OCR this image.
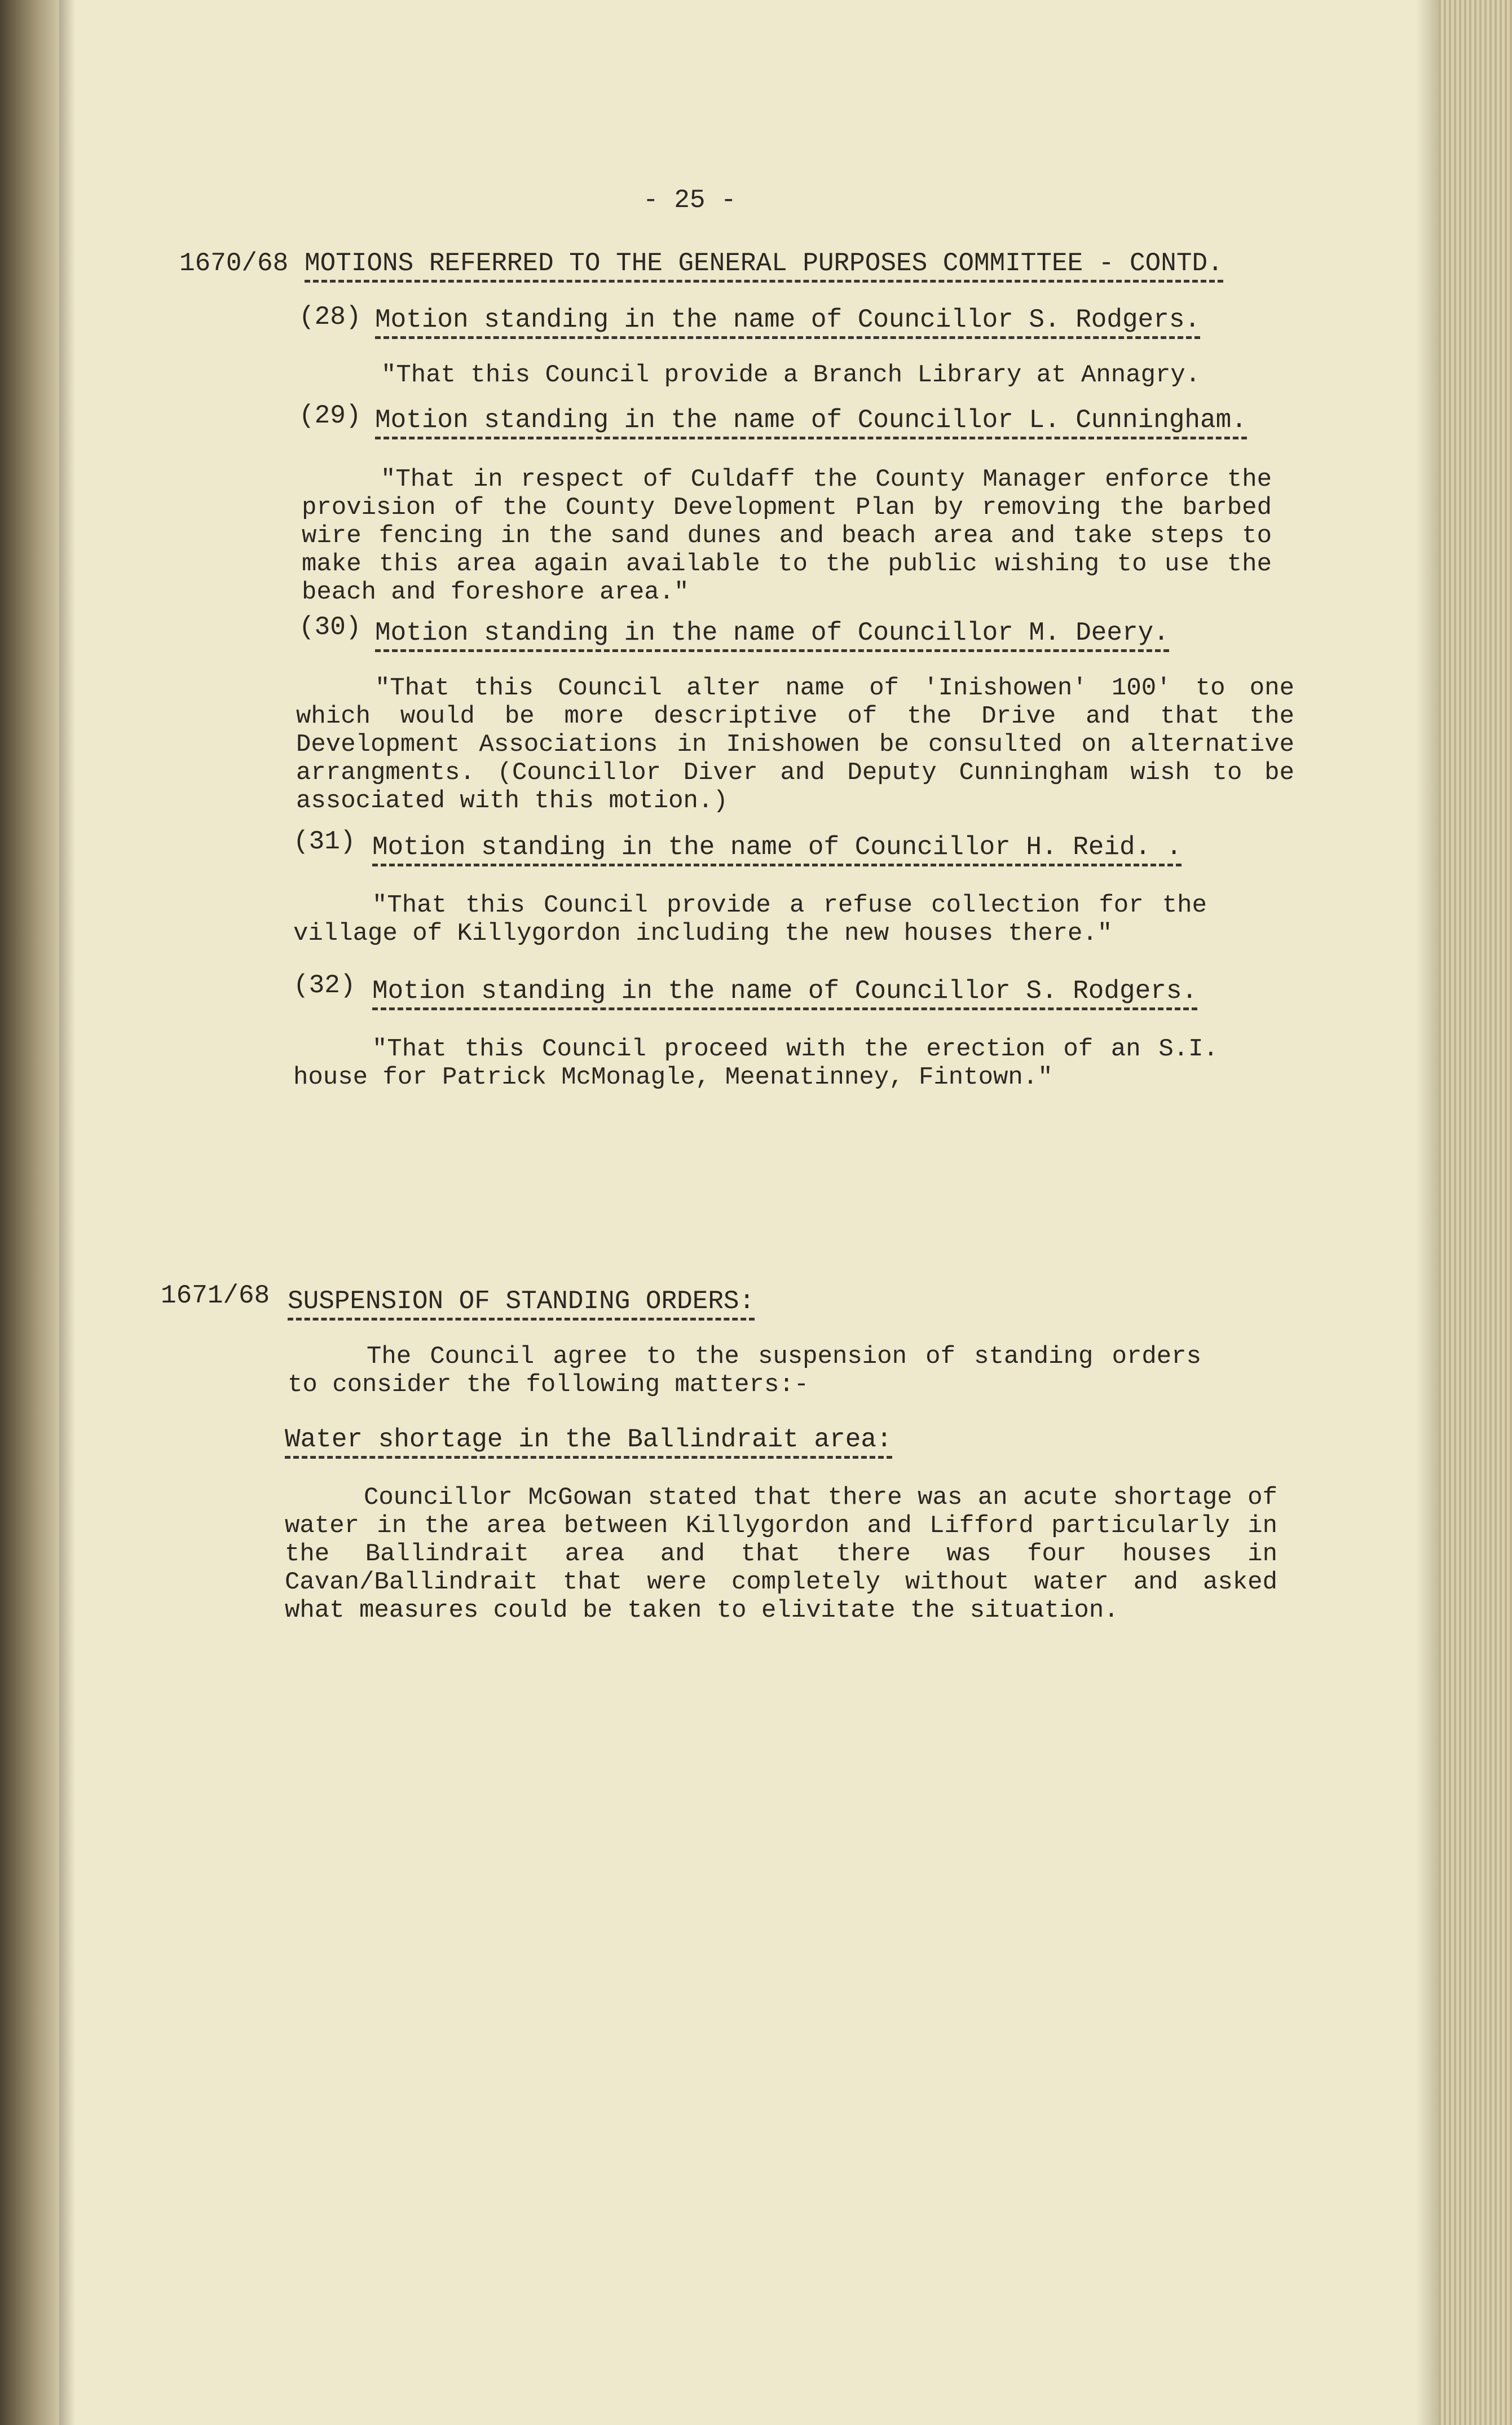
- 25 -
1670/68 MOTIONS REFERRED TO THE GENERAL PURPOSES COMMITTEE - CONTD.
(28) Motion standing in the name of Councillor S. Rodgers.
"That this Council provide a Branch Library at Annagry.
(29) Motion standing in the name of Councillor L. Cunningham.
"That in respect of Culdaff the County Manager enforce the provision of the County Development Plan by removing the barbed wire fencing in the sand dunes and beach area and take steps to make this area again available to the public wishing to use the beach and foreshore area."
(30) Motion standing in the name of Councillor M. Deery.
"That this Council alter name of 'Inishowen' 100' to one which would be more descriptive of the Drive and that the Development Associations in Inishowen be consulted on alternative arrangments. (Councillor Diver and Deputy Cunningham wish to be associated with this motion.)
(31) Motion standing in the name of Councillor H. Reid. .
"That this Council provide a refuse collection for the village of Killygordon including the new houses there."
(32) Motion standing in the name of Councillor S. Rodgers.
"That this Council proceed with the erection of an S.I. house for Patrick McMonagle, Meenatinney, Fintown."
1671/68 SUSPENSION OF STANDING ORDERS:
The Council agree to the suspension of standing orders to consider the following matters:-
Water shortage in the Ballindrait area:
Councillor McGowan stated that there was an acute shortage of water in the area between Killygordon and Lifford particularly in the Ballindrait area and that there was four houses in Cavan/Ballindrait that were completely without water and asked what measures could be taken to elivitate the situation.
